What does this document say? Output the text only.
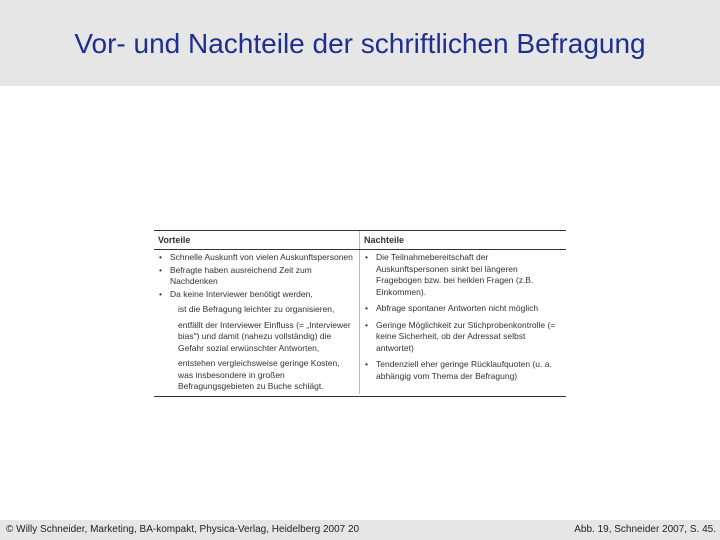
Vor- und Nachteile der schriftlichen Befragung
Vorteile	Nachteile
• Schnelle Auskunft von vielen Auskunftspersonen
• Befragte haben ausreichend Zeit zum Nachdenken
• Da keine Interviewer benötigt werden,
ist die Befragung leichter zu organisieren,
entfällt der Interviewer Einfluss (= „Interviewer bias") und damit (nahezu vollständig) die Gefahr sozial erwünschter Antworten,
entstehen vergleichsweise geringe Kosten, was insbesondere in großen Befragungsgebieten zu Buche schlägt.
• Die Teilnahmebereitschaft der Auskunftspersonen sinkt bei längeren Fragebogen bzw. bei heiklen Fragen (z.B. Einkommen).
• Abfrage spontaner Antworten nicht möglich
• Geringe Möglichkeit zur Stichprobenkontrolle (= keine Sicherheit, ob der Adressat selbst antwortet)
• Tendenziell eher geringe Rücklaufquoten (u. a. abhängig vom Thema der Befragung)
© Willy Schneider, Marketing, BA-kompakt, Physica-Verlag, Heidelberg 2007 20	Abb. 19, Schneider 2007, S. 45.
